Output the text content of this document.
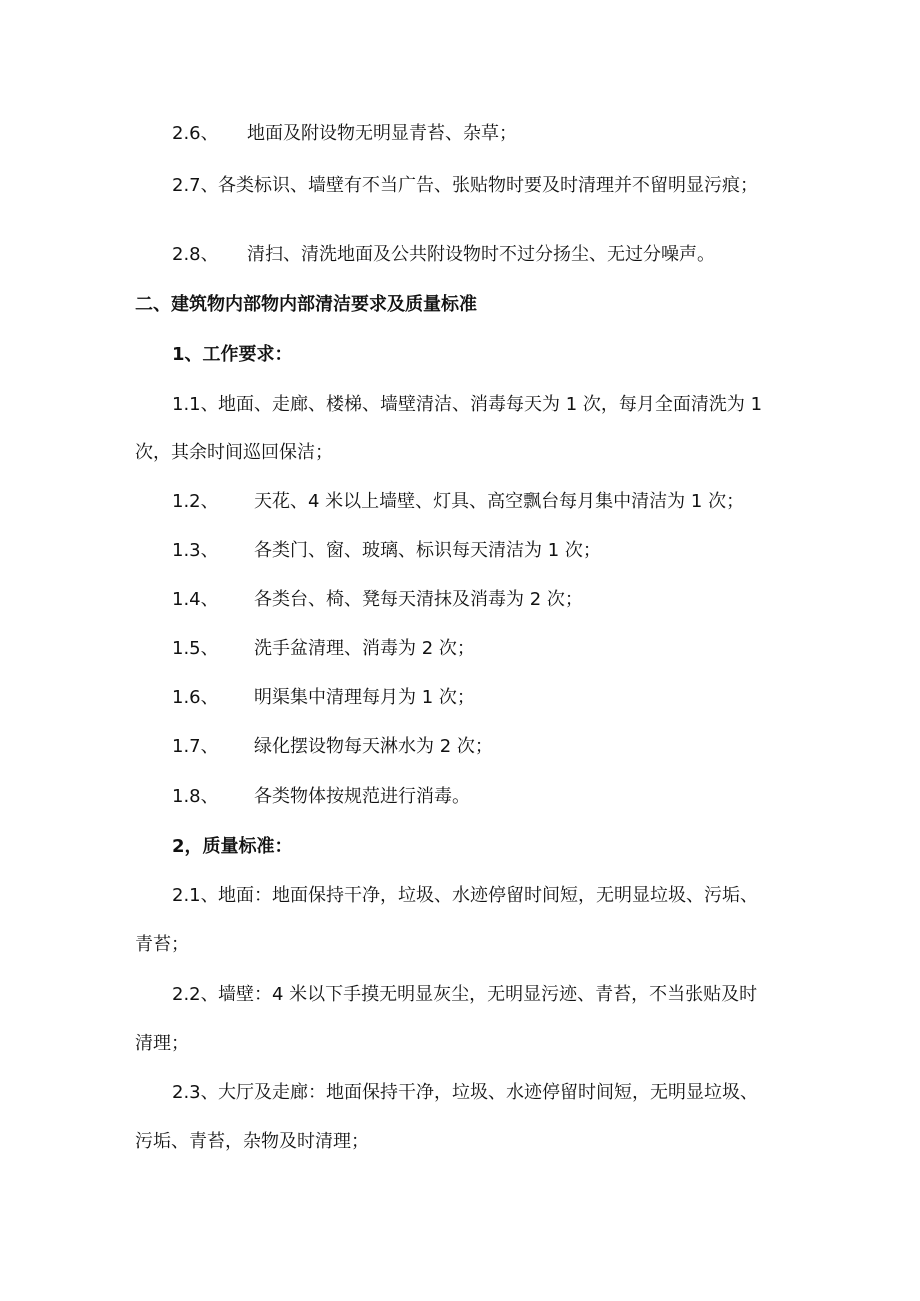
2.6、 地面及附设物无明显青苔、杂草；
2.7、各类标识、墙壁有不当广告、张贴物时要及时清理并不留明显污痕；
2.8、 清扫、清洗地面及公共附设物时不过分扬尘、无过分噪声。
二、建筑物内部物内部清洁要求及质量标准
1、工作要求：
1.1、地面、走廊、楼梯、墙壁清洁、消毒每天为 1 次，每月全面清洗为 1
次，其余时间巡回保洁；
1.2、 天花、4 米以上墙壁、灯具、高空飘台每月集中清洁为 1 次；
1.3、 各类门、窗、玻璃、标识每天清洁为 1 次；
1.4、 各类台、椅、凳每天清抹及消毒为 2 次；
1.5、 洗手盆清理、消毒为 2 次；
1.6、 明渠集中清理每月为 1 次；
1.7、 绿化摆设物每天淋水为 2 次；
1.8、 各类物体按规范进行消毒。
2，质量标准：
2.1、地面：地面保持干净，垃圾、水迹停留时间短，无明显垃圾、污垢、
青苔；
2.2、墙壁：4 米以下手摸无明显灰尘，无明显污迹、青苔，不当张贴及时
清理；
2.3、大厅及走廊：地面保持干净，垃圾、水迹停留时间短，无明显垃圾、
污垢、青苔，杂物及时清理；
